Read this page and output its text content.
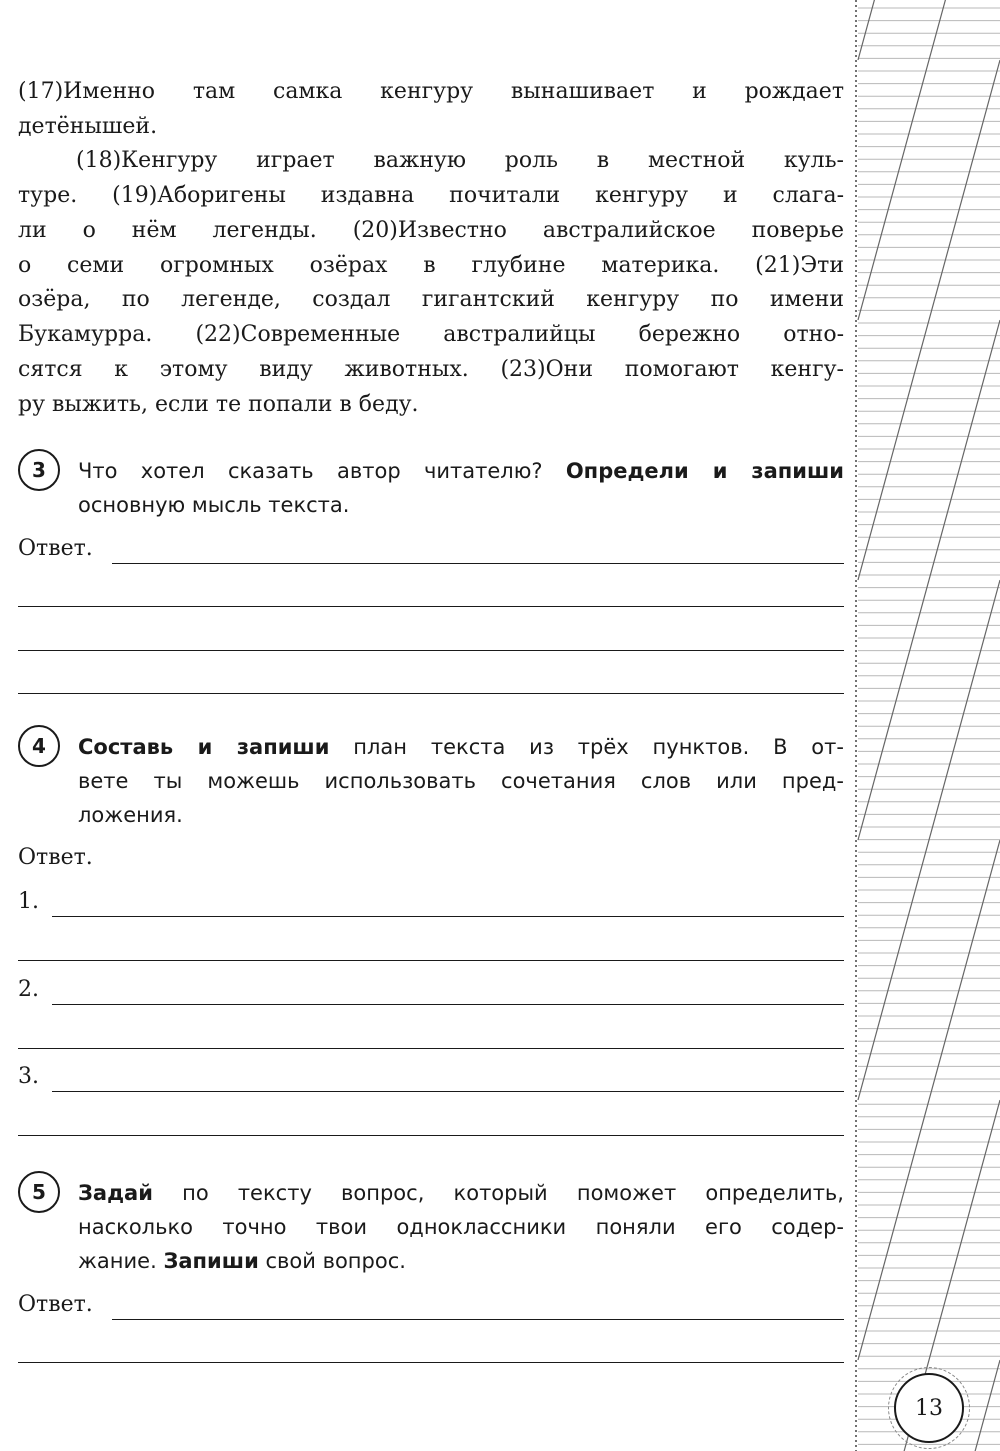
(17)Именно там самка кенгуру вынашивает и рождает
детёнышей.
(18)Кенгуру играет важную роль в местной куль-
туре. (19)Аборигены издавна почитали кенгуру и слага-
ли о нём легенды. (20)Известно австралийское поверье
о семи огромных озёрах в глубине материка. (21)Эти
озёра, по легенде, создал гигантский кенгуру по имени
Букамурра. (22)Современные австралийцы бережно отно-
сятся к этому виду животных. (23)Они помогают кенгу-
ру выжить, если те попали в беду.
3	Что хотел сказать автор читателю? Определи и запиши
основную мысль текста.
Ответ.
4	Составь и запиши план текста из трёх пунктов. В от-
вете ты можешь использовать сочетания слов или пред-
ложения.
Ответ.
1.
2.
3.
5	Задай по тексту вопрос, который поможет определить,
насколько точно твои одноклассники поняли его содер-
жание. Запиши свой вопрос.
Ответ.
13
